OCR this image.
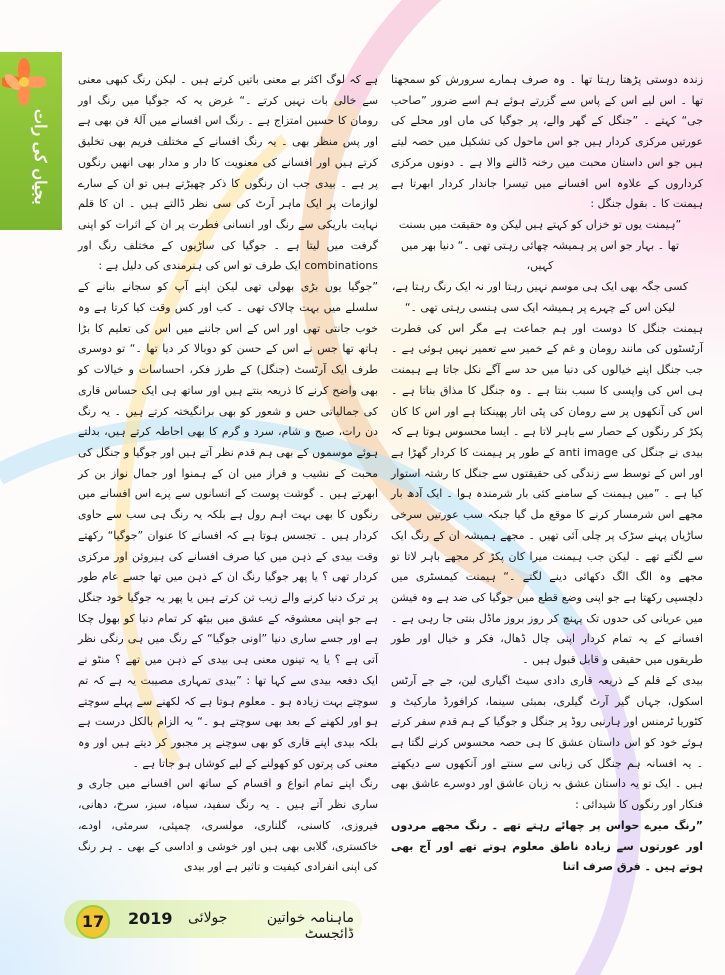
بجیاں کی رات

زندہ دوستی پڑھتا رہتا تھا ۔ وہ صرف ہمارے سرورش کو سمجھتا تھا ۔ اس لیے اس کے پاس سے گزرتے ہوئے ہم اسے ضرور ”صاحب جی“ کہتے ۔ ”جنگل کے گھر والے، پر جوگیا کی ماں اور محلے کی عورتیں مرکزی کردار ہیں جو اس ماحول کی تشکیل میں حصہ لیتے ہیں جو اس داستان محبت میں رخنہ ڈالنے والا ہے ۔ دونوں مرکزی کرداروں کے علاوہ اس افسانے میں تیسرا جاندار کردار ابھرتا ہے ہیمنت کا ۔ بقول جنگل :

”ہیمنت یوں تو خزاں کو کہتے ہیں لیکن وہ حقیقت میں بسنت
تھا ۔ بہار جو اس پر ہمیشہ چھائی رہتی تھی ۔“ دنیا بھر میں کہیں،
کسی جگہ بھی ایک ہی موسم نہیں رہتا اور نہ ایک رنگ رہتا ہے،
لیکن اس کے چہرے پر ہمیشہ ایک سی ہنسی رہتی تھی ۔“

ہیمنت جنگل کا دوست اور ہم جماعت ہے مگر اس کی فطرت آرٹسٹوں کی مانند رومان و غم کے خمیر سے تعمیر نہیں ہوئی ہے ۔ جب جنگل اپنے خیالوں کی دنیا میں حد سے آگے نکل جاتا ہے ہیمنت ہی اس کی واپسی کا سبب بنتا ہے ۔ وہ جنگل کا مذاق بناتا ہے ۔ اس کی آنکھوں پر سے رومان کی پٹی اتار پھینکتا ہے اور اس کا کان پکڑ کر رنگوں کے حصار سے باہر لاتا ہے ۔ ایسا محسوس ہوتا ہے کہ بیدی نے جنگل کی anti image کے طور پر ہیمنت کا کردار گھڑا ہے اور اس کے توسط سے زندگی کی حقیقتوں سے جنگل کا رشتہ استوار کیا ہے ۔ ”میں ہیمنت کے سامنے کئی بار شرمندہ ہوا ۔ ایک آدھ بار مجھے اس شرمسار کرنے کا موقع مل گیا جبکہ سب عورتیں سرخی ساڑیاں پہنے سڑک پر چلی آئی تھیں ۔ مجھے ہمیشہ ان کے رنگ ایک سے لگتے تھے ۔ لیکن جب ہیمنت میرا کان پکڑ کر مجھے باہر لاتا تو مجھے وہ الگ الگ دکھائی دینے لگتے ۔“ ہیمنت کیمسٹری میں دلچسپی رکھتا ہے جو اپنی وضع قطع میں جوگیا کی ضد ہے وہ فیشن میں عریانی کی حدوں تک پہنچ کر روز بروز ماڈل بنتی جا رہی ہے ۔ افسانے کے یہ تمام کردار اپنی چال ڈھال، فکر و خیال اور طور طریقوں میں حقیقی و قابل قبول ہیں ۔

بیدی کے قلم کے ذریعہ قاری دادی سیٹ اگیاری لین، جے جے آرٹس اسکول، جہاں گیر آرٹ گیلری، بمبئی سینما، کرافورڈ مارکیٹ و کٹوریا ٹرمنس اور ہارنبی روڈ پر جنگل و جوگیا کے ہم قدم سفر کرتے ہوئے خود کو اس داستان عشق کا ہی حصہ محسوس کرنے لگتا ہے ۔ یہ افسانہ ہم جنگل کی زبانی سے سنتے اور آنکھوں سے دیکھتے ہیں ۔ ایک تو یہ داستان عشق بہ زبان عاشق اور دوسرے عاشق بھی فنکار اور رنگوں کا شیدائی :

”رنگ میرے حواس پر چھائے رہتے تھے ۔ رنگ مجھے مردوں اور عورتوں سے زیادہ ناطق معلوم ہوتے تھے اور آج بھی ہوتے ہیں ۔ فرق صرف اتنا

ہے کہ لوگ اکثر بے معنی باتیں کرتے ہیں ۔ لیکن رنگ کبھی معنی سے خالی بات نہیں کرتے ۔“ غرض یہ کہ جوگیا میں رنگ اور رومان کا حسین امتزاج ہے ۔ رنگ اس افسانے میں آلۂ فن بھی ہے اور پس منظر بھی ۔ یہ رنگ افسانے کے مختلف فریم بھی تخلیق کرتے ہیں اور افسانے کی معنویت کا دار و مدار بھی انھیں رنگوں پر ہے ۔ بیدی جب ان رنگوں کا ذکر چھیڑتے ہیں تو ان کے سارے لوازمات پر ایک ماہر آرٹ کی سی نظر ڈالتے ہیں ۔ ان کا قلم نہایت باریکی سے رنگ اور انسانی فطرت پر ان کے اثرات کو اپنی گرفت میں لیتا ہے ۔ جوگیا کی ساڑیوں کے مختلف رنگ اور combinations ایک طرف تو اس کی ہنرمندی کی دلیل ہے :

”جوگیا یوں بڑی بھولی تھی لیکن اپنے آپ کو سجانے بنانے کے سلسلے میں بہت چالاک تھی ۔ کب اور کس وقت کیا کرتا ہے وہ خوب جانتی تھی اور اس کے اس جاننے میں اس کی تعلیم کا بڑا ہاتھ تھا جس نے اس کے حسن کو دوبالا کر دیا تھا ۔“ تو دوسری طرف ایک آرٹسٹ (جنگل) کے طرز فکر، احساسات و خیالات کو بھی واضح کرنے کا ذریعہ بنتے ہیں اور ساتھ ہی ایک حساس قاری کی جمالیاتی حس و شعور کو بھی برانگیختہ کرتے ہیں ۔ یہ رنگ دن رات، صبح و شام، سرد و گرم کا بھی احاطہ کرتے ہیں، بدلتے ہوئے موسموں کے بھی ہم قدم نظر آتے ہیں اور جوگیا و جنگل کی محبت کے نشیب و فراز میں ان کے ہمنوا اور جمال نواز بن کر ابھرتے ہیں ۔ گوشت پوست کے انسانوں سے پرے اس افسانے میں رنگوں کا بھی بہت اہم رول ہے بلکہ یہ رنگ ہی سب سے حاوی کردار ہیں ۔ تجسس ہوتا ہے کہ افسانے کا عنوان ”جوگیا“ رکھتے وقت بیدی کے ذہن میں کیا صرف افسانے کی ہیروئن اور مرکزی کردار تھی ؟ یا پھر جوگیا رنگ ان کے ذہن میں تھا جسے عام طور پر ترک دنیا کرنے والے زیب تن کرتے ہیں یا پھر یہ جوگیا خود جنگل ہے جو اپنی معشوقہ کے عشق میں بیٹھ کر تمام دنیا کو بھول چکا ہے اور جسے ساری دنیا ”اونی جوگیا“ کے رنگ میں ہی رنگی نظر آتی ہے ؟ یا یہ تینوں معنی ہی بیدی کے ذہن میں تھے ؟ منٹو نے ایک دفعہ بیدی سے کہا تھا : ”بیدی تمہاری مصیبت یہ ہے کہ تم سوچتے بہت زیادہ ہو ۔ معلوم ہوتا ہے کہ لکھنے سے پہلے سوچتے ہو اور لکھنے کے بعد بھی سوچتے ہو ۔“ یہ الزام بالکل درست ہے بلکہ بیدی اپنے قاری کو بھی سوچنے پر مجبور کر دیتے ہیں اور وہ معنی کی پرتوں کو کھولنے کے لیے کوشاں ہو جاتا ہے ۔

رنگ اپنے تمام انواع و اقسام کے ساتھ اس افسانے میں جاری و ساری نظر آتے ہیں ۔ یہ رنگ سفید، سیاہ، سبز، سرخ، دھانی، فیروزی، کاسنی، گلناری، مولسری، چمپئی، سرمئی، اودے، خاکستری، گلابی بھی ہیں اور خوشی و اداسی کے بھی ۔ ہر رنگ کی اپنی انفرادی کیفیت و تاثیر ہے اور بیدی

17	2019 جولائی	ماہنامہ خواتین ڈائجسٹ
